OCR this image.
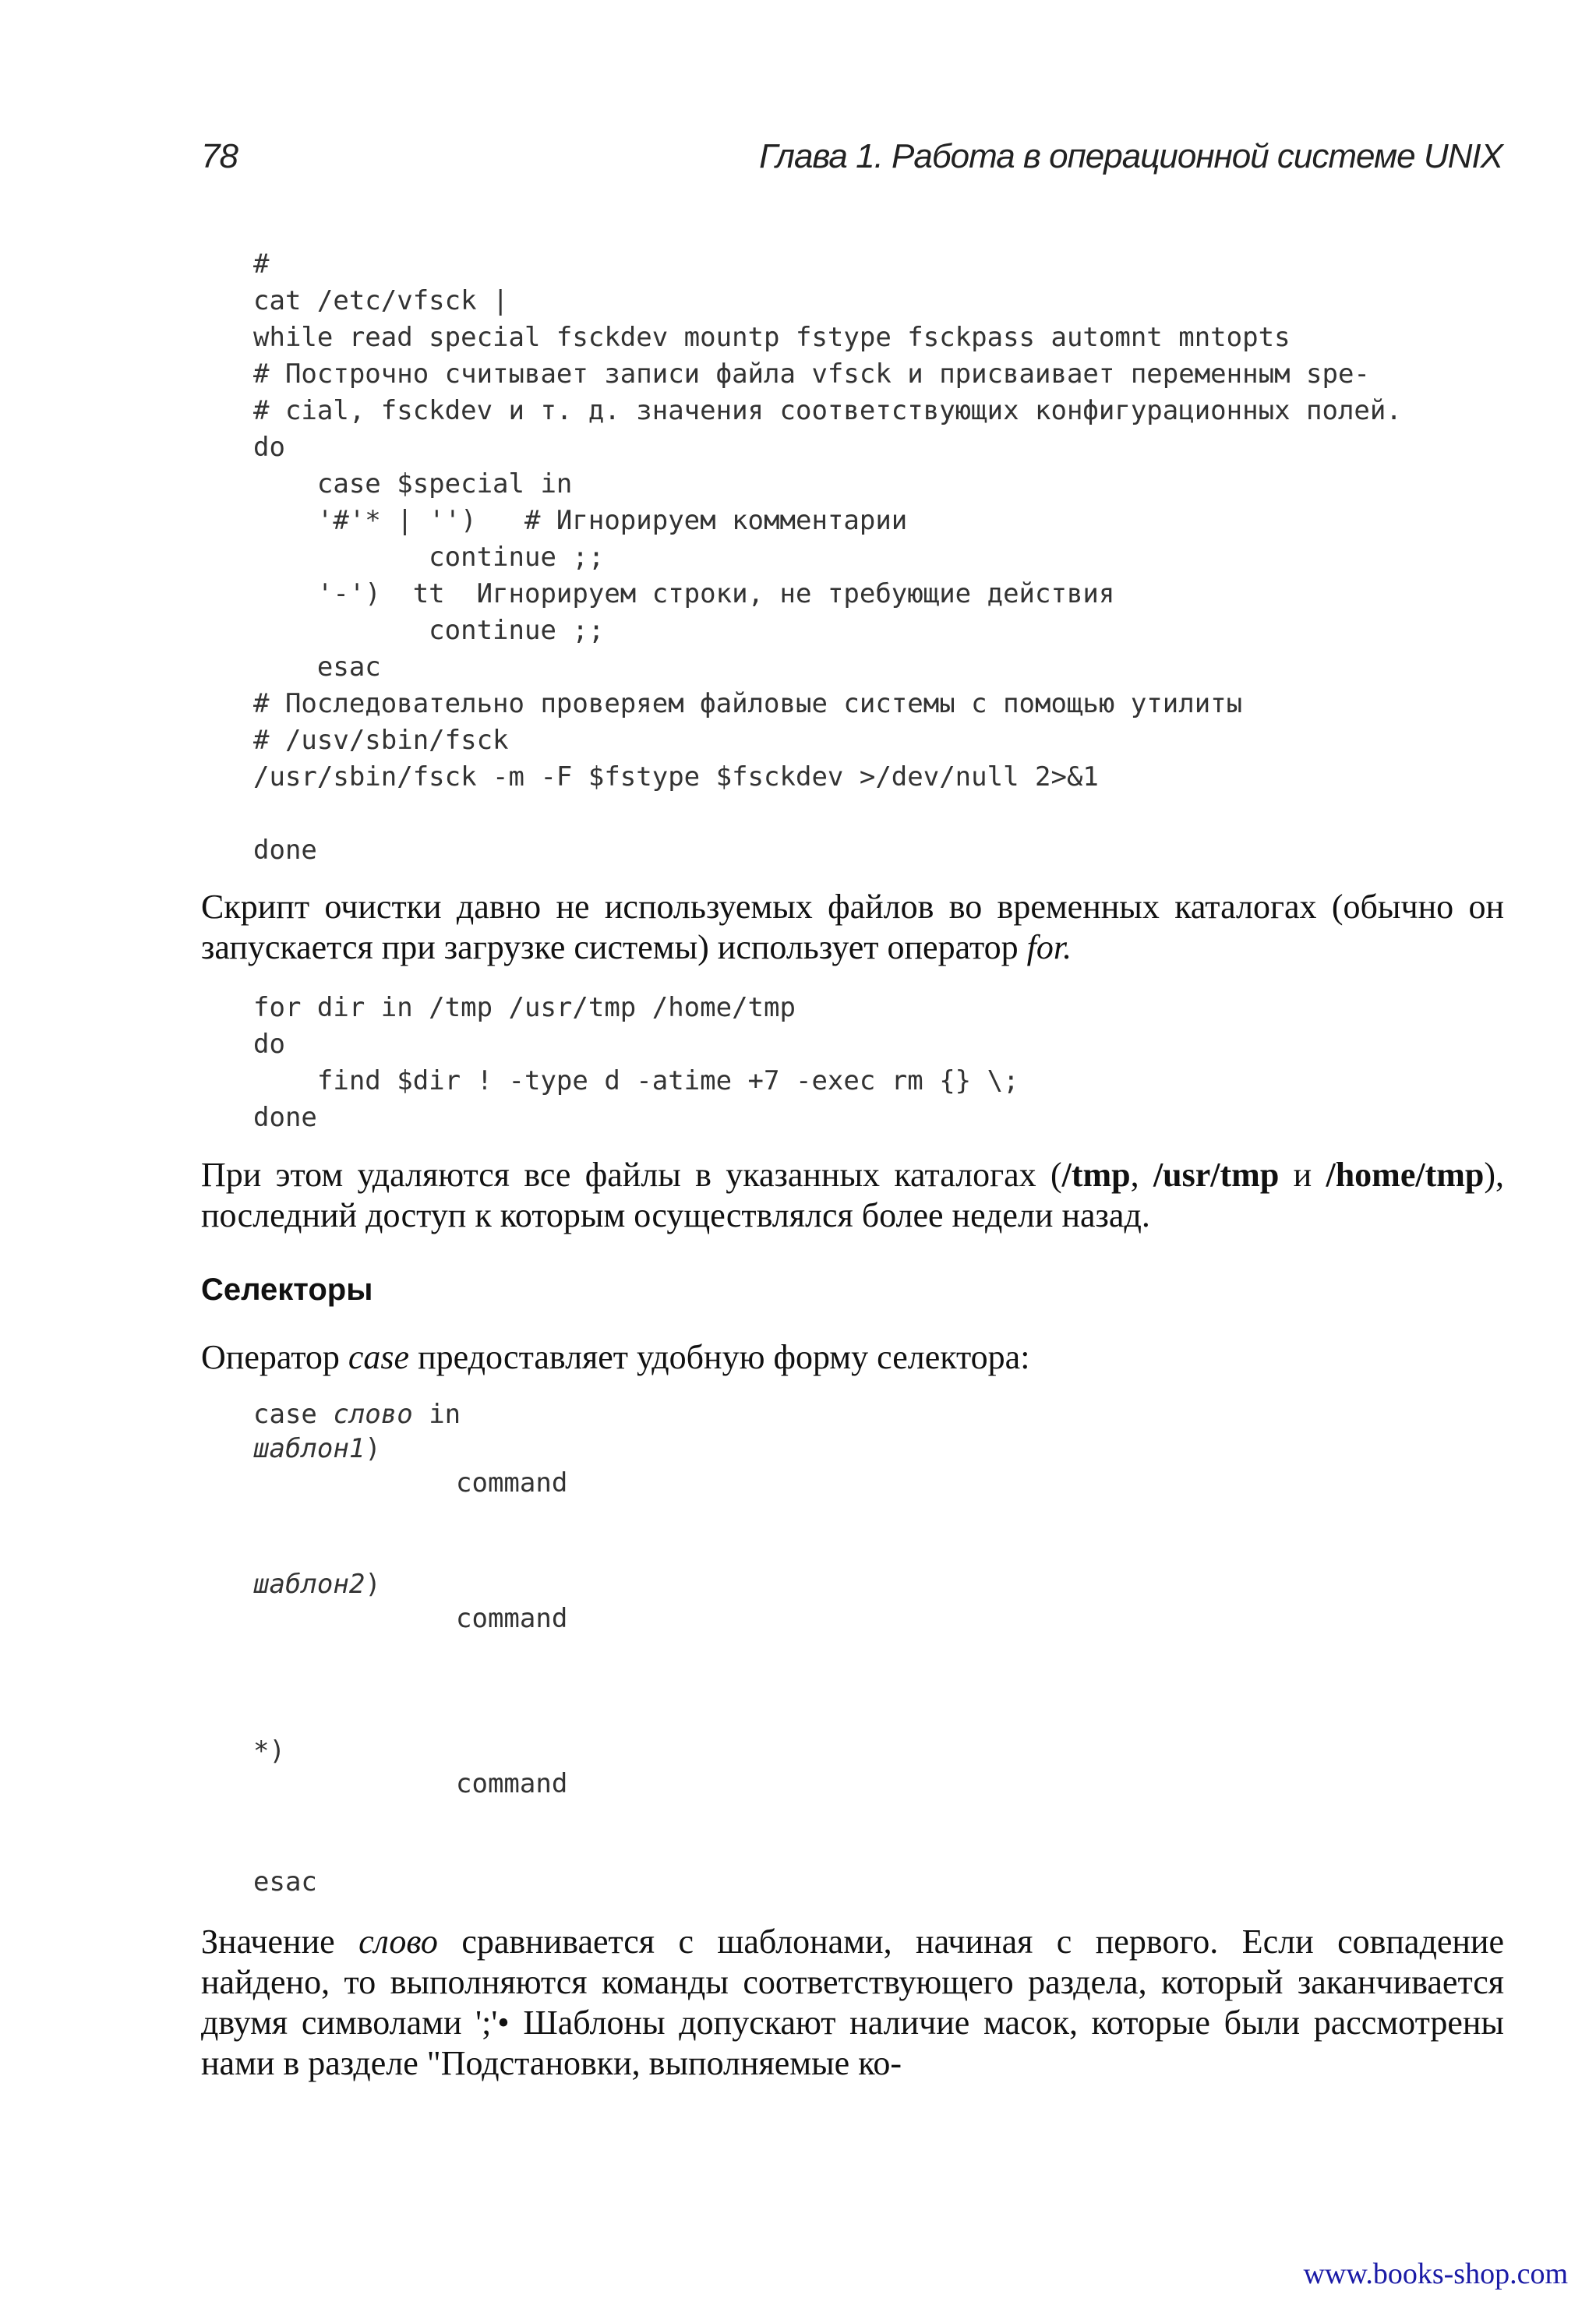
78	Глава 1. Работа в операционной системе UNIX
#
cat /etc/vfsck |
while read special fsckdev mountp fstype fsckpass automnt mntopts
# Построчно считывает записи файла vfsck и присваивает переменным spe-
# cial, fsckdev и т. д. значения соответствующих конфигурационных полей.
do
case $special in
'#'* | '')   # Игнорируем комментарии
continue ;;
'-')  tt  Игнорируем строки, не требующие действия
continue ;;
esac
# Последовательно проверяем файловые системы с помощью утилиты
# /usv/sbin/fsck
/usr/sbin/fsck -m -F $fstype $fsckdev >/dev/null 2>&1
done

Скрипт очистки давно не используемых файлов во временных каталогах (обычно он запускается при загрузке системы) использует оператор for.

for dir in /tmp /usr/tmp /home/tmp
do
find $dir ! -type d -atime +7 -exec rm {} \;
done

При этом удаляются все файлы в указанных каталогах (/tmp, /usr/tmp и /home/tmp), последний доступ к которым осуществлялся более недели назад.

Селекторы

Оператор case предоставляет удобную форму селектора:

case слово in

шаблон1)

command

шаблон2)

command

*)

command

esac

Значение слово сравнивается с шаблонами, начиная с первого. Если совпадение найдено, то выполняются команды соответствующего раздела, который заканчивается двумя символами ';'• Шаблоны допускают наличие масок, которые были рассмотрены нами в разделе "Подстановки, выполняемые ко-

www.books-shop.com
